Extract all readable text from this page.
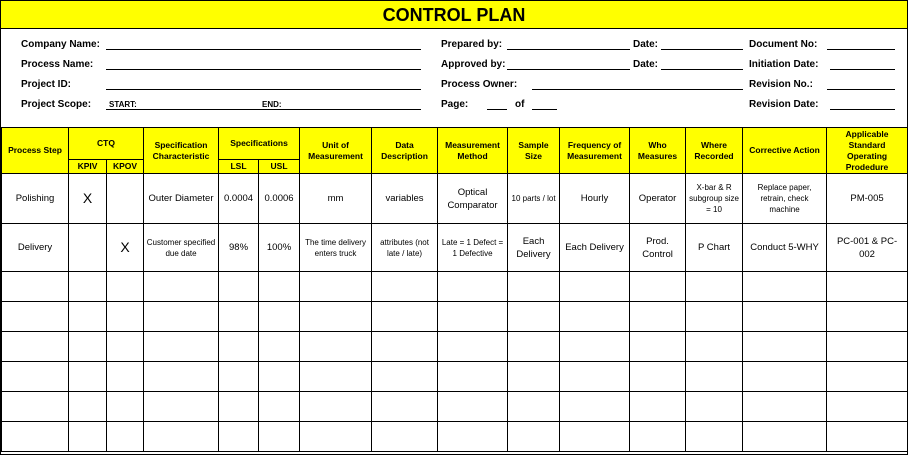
CONTROL PLAN
Company Name:
Process Name:
Project ID:
Project Scope: START:	END:
Prepared by:	Date:
Approved by:	Date:
Process Owner:
Page:	of
Document No:
Initiation Date:
Revision No.:
Revision Date:
Process Step	CTQ		Specification Characteristic	Specifications		Unit of Measurement	Data Description	Measurement Method	Sample Size	Frequency of Measurement	Who Measures	Where Recorded	Corrective Action	Applicable Standard Operating Prodedure
	KPIV	KPOV		LSL	USL									
Polishing	X		Outer Diameter	0.0004	0.0006	mm	variables	Optical Comparator	10 parts / lot	Hourly	Operator	X-bar & R subgroup size = 10	Replace paper, retrain, check machine	PM-005
Delivery		X	Customer specified due date	98%	100%	The time delivery enters truck	attributes (not late / late)	Late = 1 Defect = 1 Defective	Each Delivery	Each Delivery	Prod. Control	P Chart	Conduct 5-WHY	PC-001 & PC-002
